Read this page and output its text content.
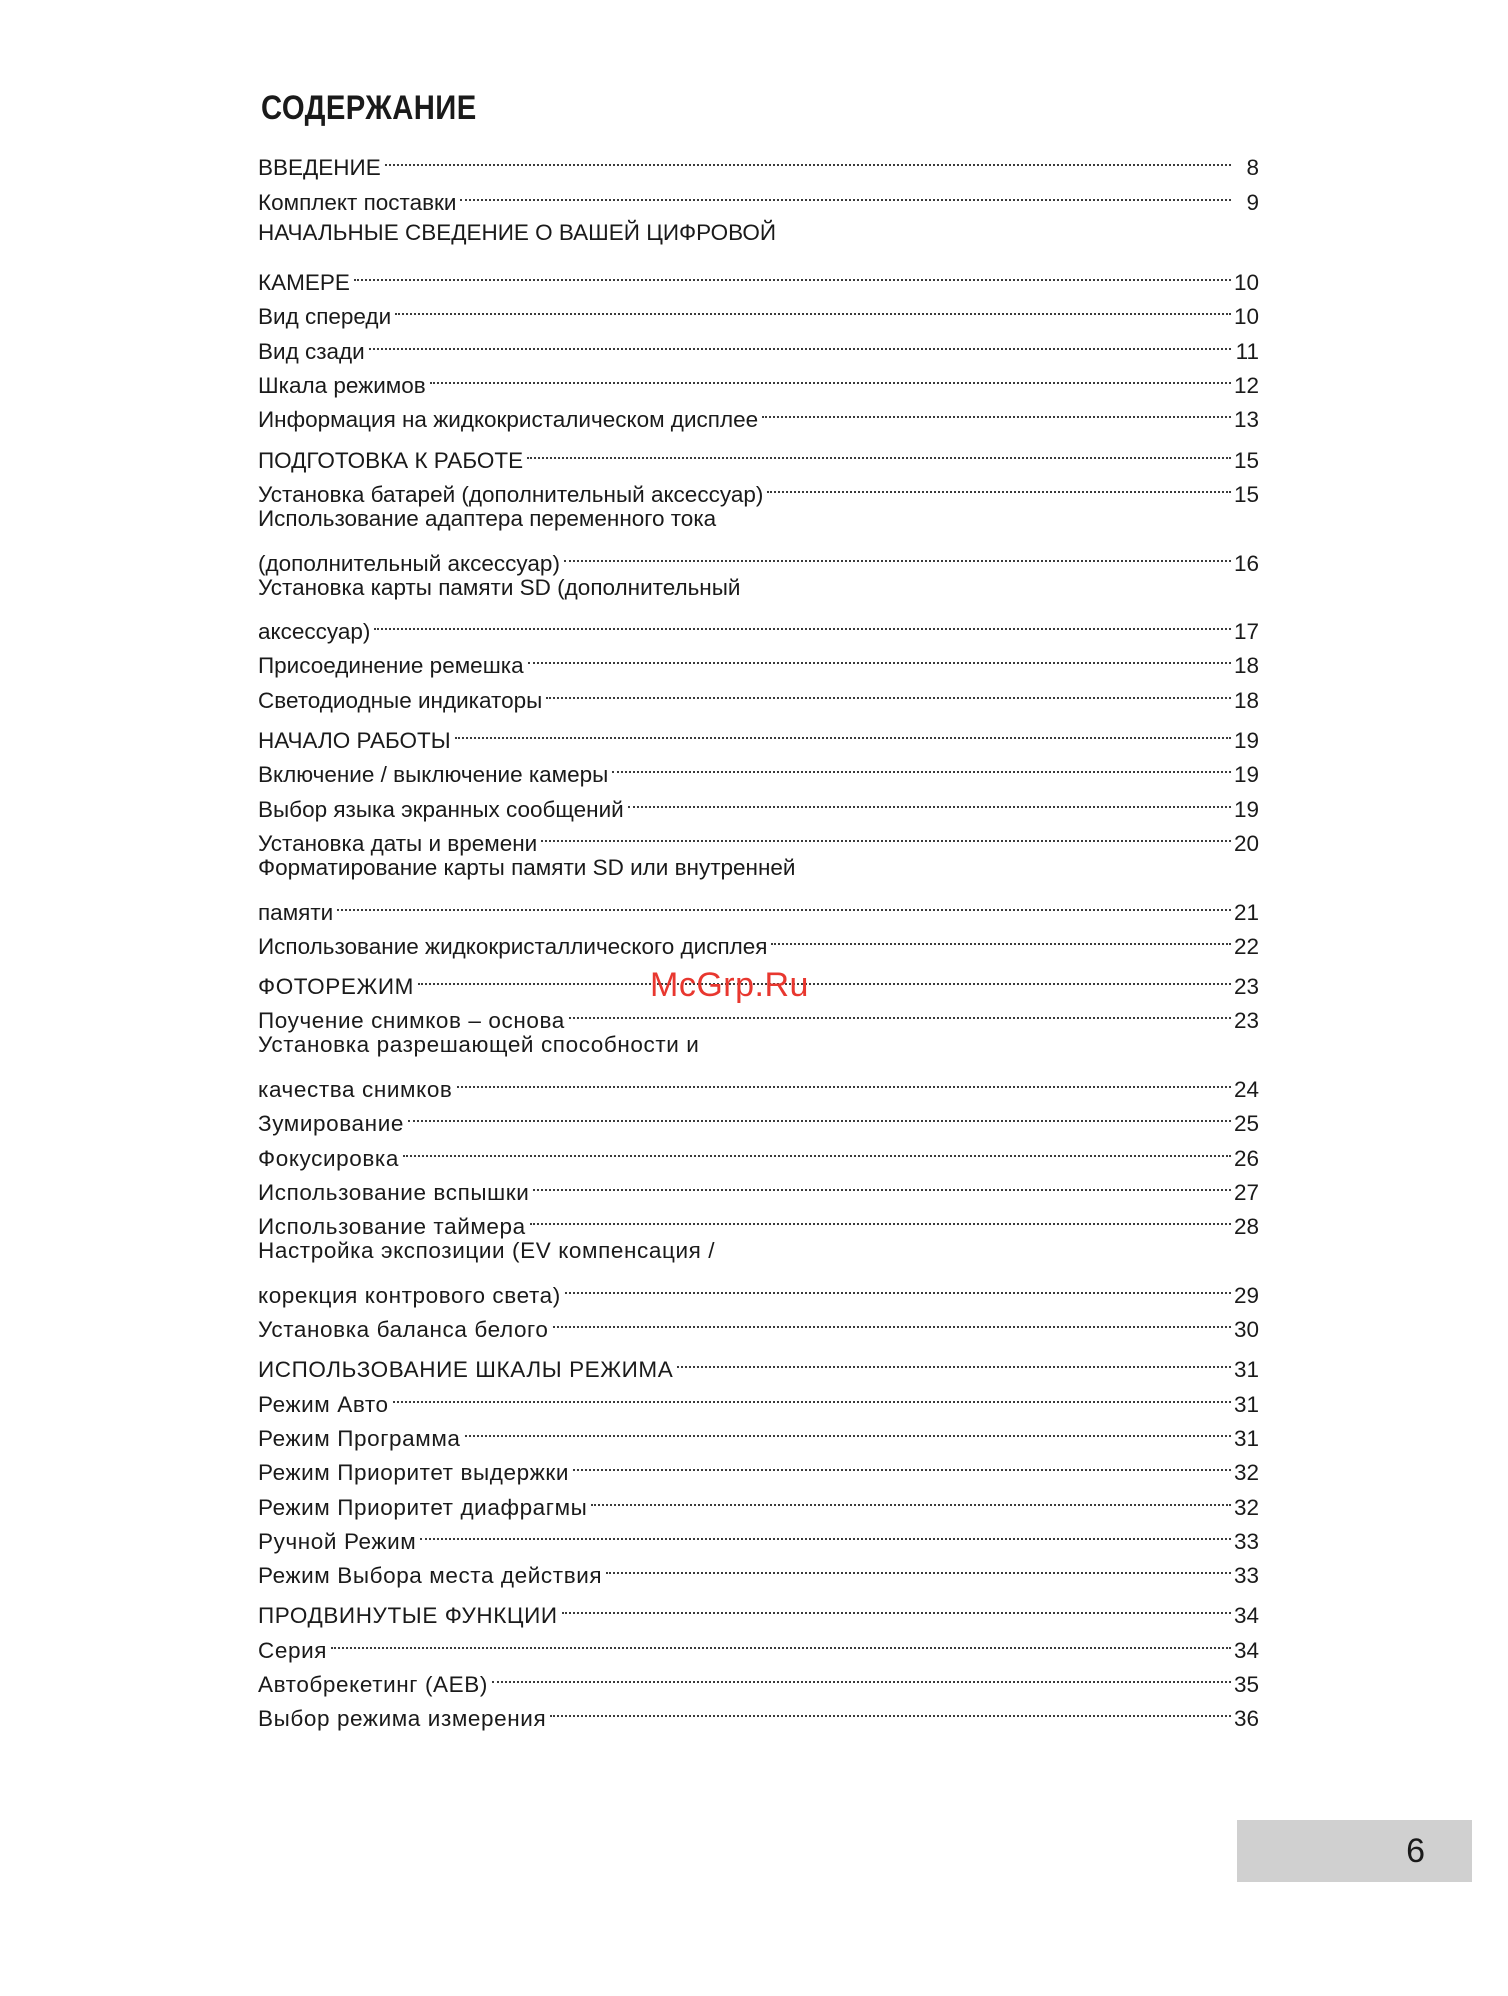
СОДЕРЖАНИЕ
ВВЕДЕНИЕ	8
Комплект поставки	9
НАЧАЛЬНЫЕ СВЕДЕНИЕ О ВАШЕЙ ЦИФРОВОЙ
КАМЕРЕ	10
Вид спереди	10
Вид сзади	11
Шкала режимов	12
Информация на жидкокристалическом дисплее	13
ПОДГОТОВКА К РАБОТЕ	15
Установка батарей (дополнительный аксессуар)	15
Использование адаптера переменного тока
(дополнительный аксессуар)	16
Установка карты памяти SD (дополнительный
аксессуар)	17
Присоединение ремешка	18
Светодиодные индикаторы	18
НАЧАЛО РАБОТЫ	19
Включение / выключение камеры	19
Выбор языка экранных сообщений	19
Установка даты и времени	20
Форматирование карты памяти SD или внутренней
памяти	21
Использование жидкокристаллического дисплея	22
ФОТОРЕЖИМ	23
Поучение снимков – основа	23
Установка разрешающей способности и
качества снимков	24
Зумирование	25
Фокусировка	26
Использование вспышки	27
Использование таймера	28
Настройка экспозиции (EV компенсация /
корекция контрового света)	29
Установка баланса белого	30
ИСПОЛЬЗОВАНИЕ ШКАЛЫ РЕЖИМА	31
Режим Авто	31
Режим Программа	31
Режим Приоритет выдержки	32
Режим Приоритет диафрагмы	32
Ручной Режим	33
Режим Выбора места действия	33
ПРОДВИНУТЫЕ ФУНКЦИИ	34
Серия	34
Автобрекетинг (AEB)	35
Выбор режима измерения	36
McGrp.Ru
6
